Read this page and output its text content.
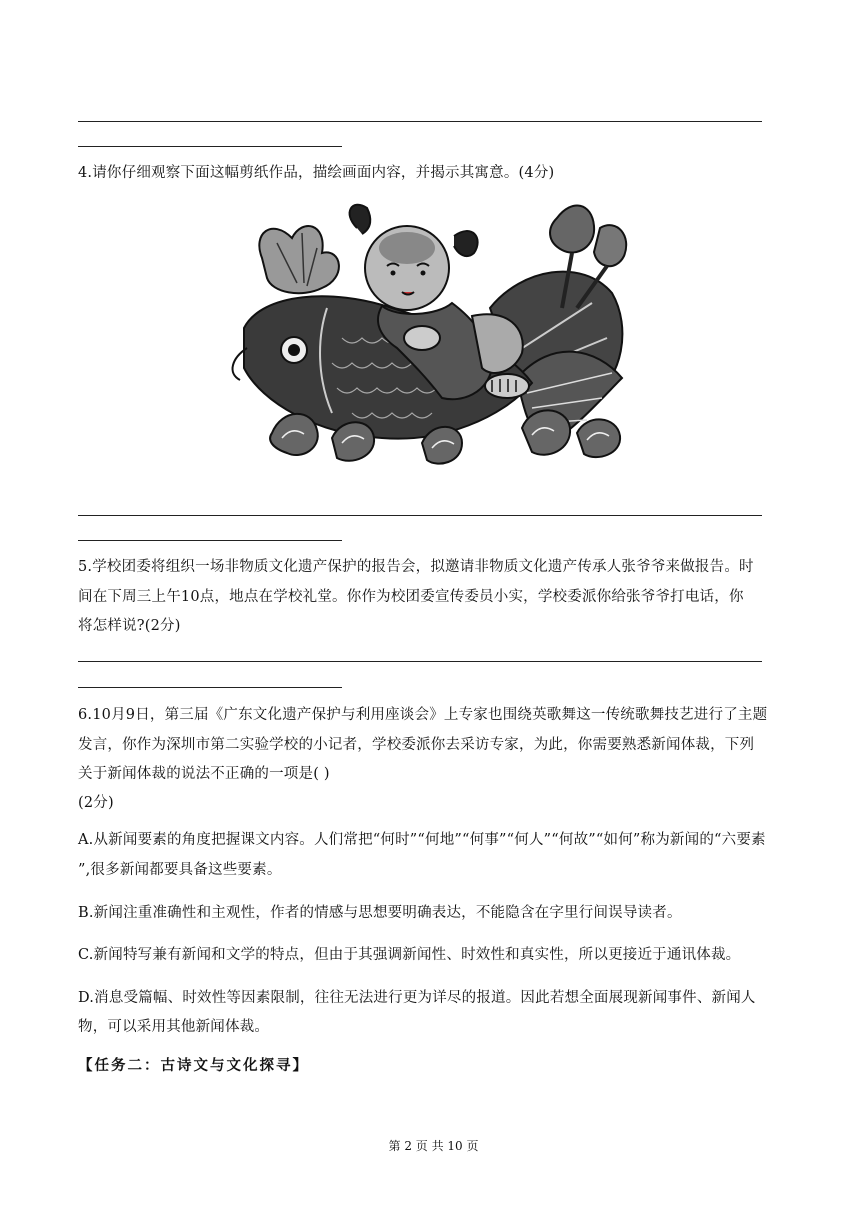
4.请你仔细观察下面这幅剪纸作品，描绘画面内容，并揭示其寓意。(4分)
5.学校团委将组织一场非物质文化遗产保护的报告会，拟邀请非物质文化遗产传承人张爷爷来做报告。时
间在下周三上午10点，地点在学校礼堂。你作为校团委宣传委员小实，学校委派你给张爷爷打电话，你
将怎样说?(2分)
6.10月9日，第三届《广东文化遗产保护与利用座谈会》上专家也围绕英歌舞这一传统歌舞技艺进行了主题
发言，你作为深圳市第二实验学校的小记者，学校委派你去采访专家，为此，你需要熟悉新闻体裁，下列
关于新闻体裁的说法不正确的一项是( )
(2分)
A.从新闻要素的角度把握课文内容。人们常把“何时”“何地”“何事”“何人”“何故”“如何”称为新闻的“六要素
”,很多新闻都要具备这些要素。
B.新闻注重准确性和主观性，作者的情感与思想要明确表达，不能隐含在字里行间误导读者。
C.新闻特写兼有新闻和文学的特点，但由于其强调新闻性、时效性和真实性，所以更接近于通讯体裁。
D.消息受篇幅、时效性等因素限制，往往无法进行更为详尽的报道。因此若想全面展现新闻事件、新闻人
物，可以采用其他新闻体裁。
【任务二：古诗文与文化探寻】
第 2 页 共 10 页
